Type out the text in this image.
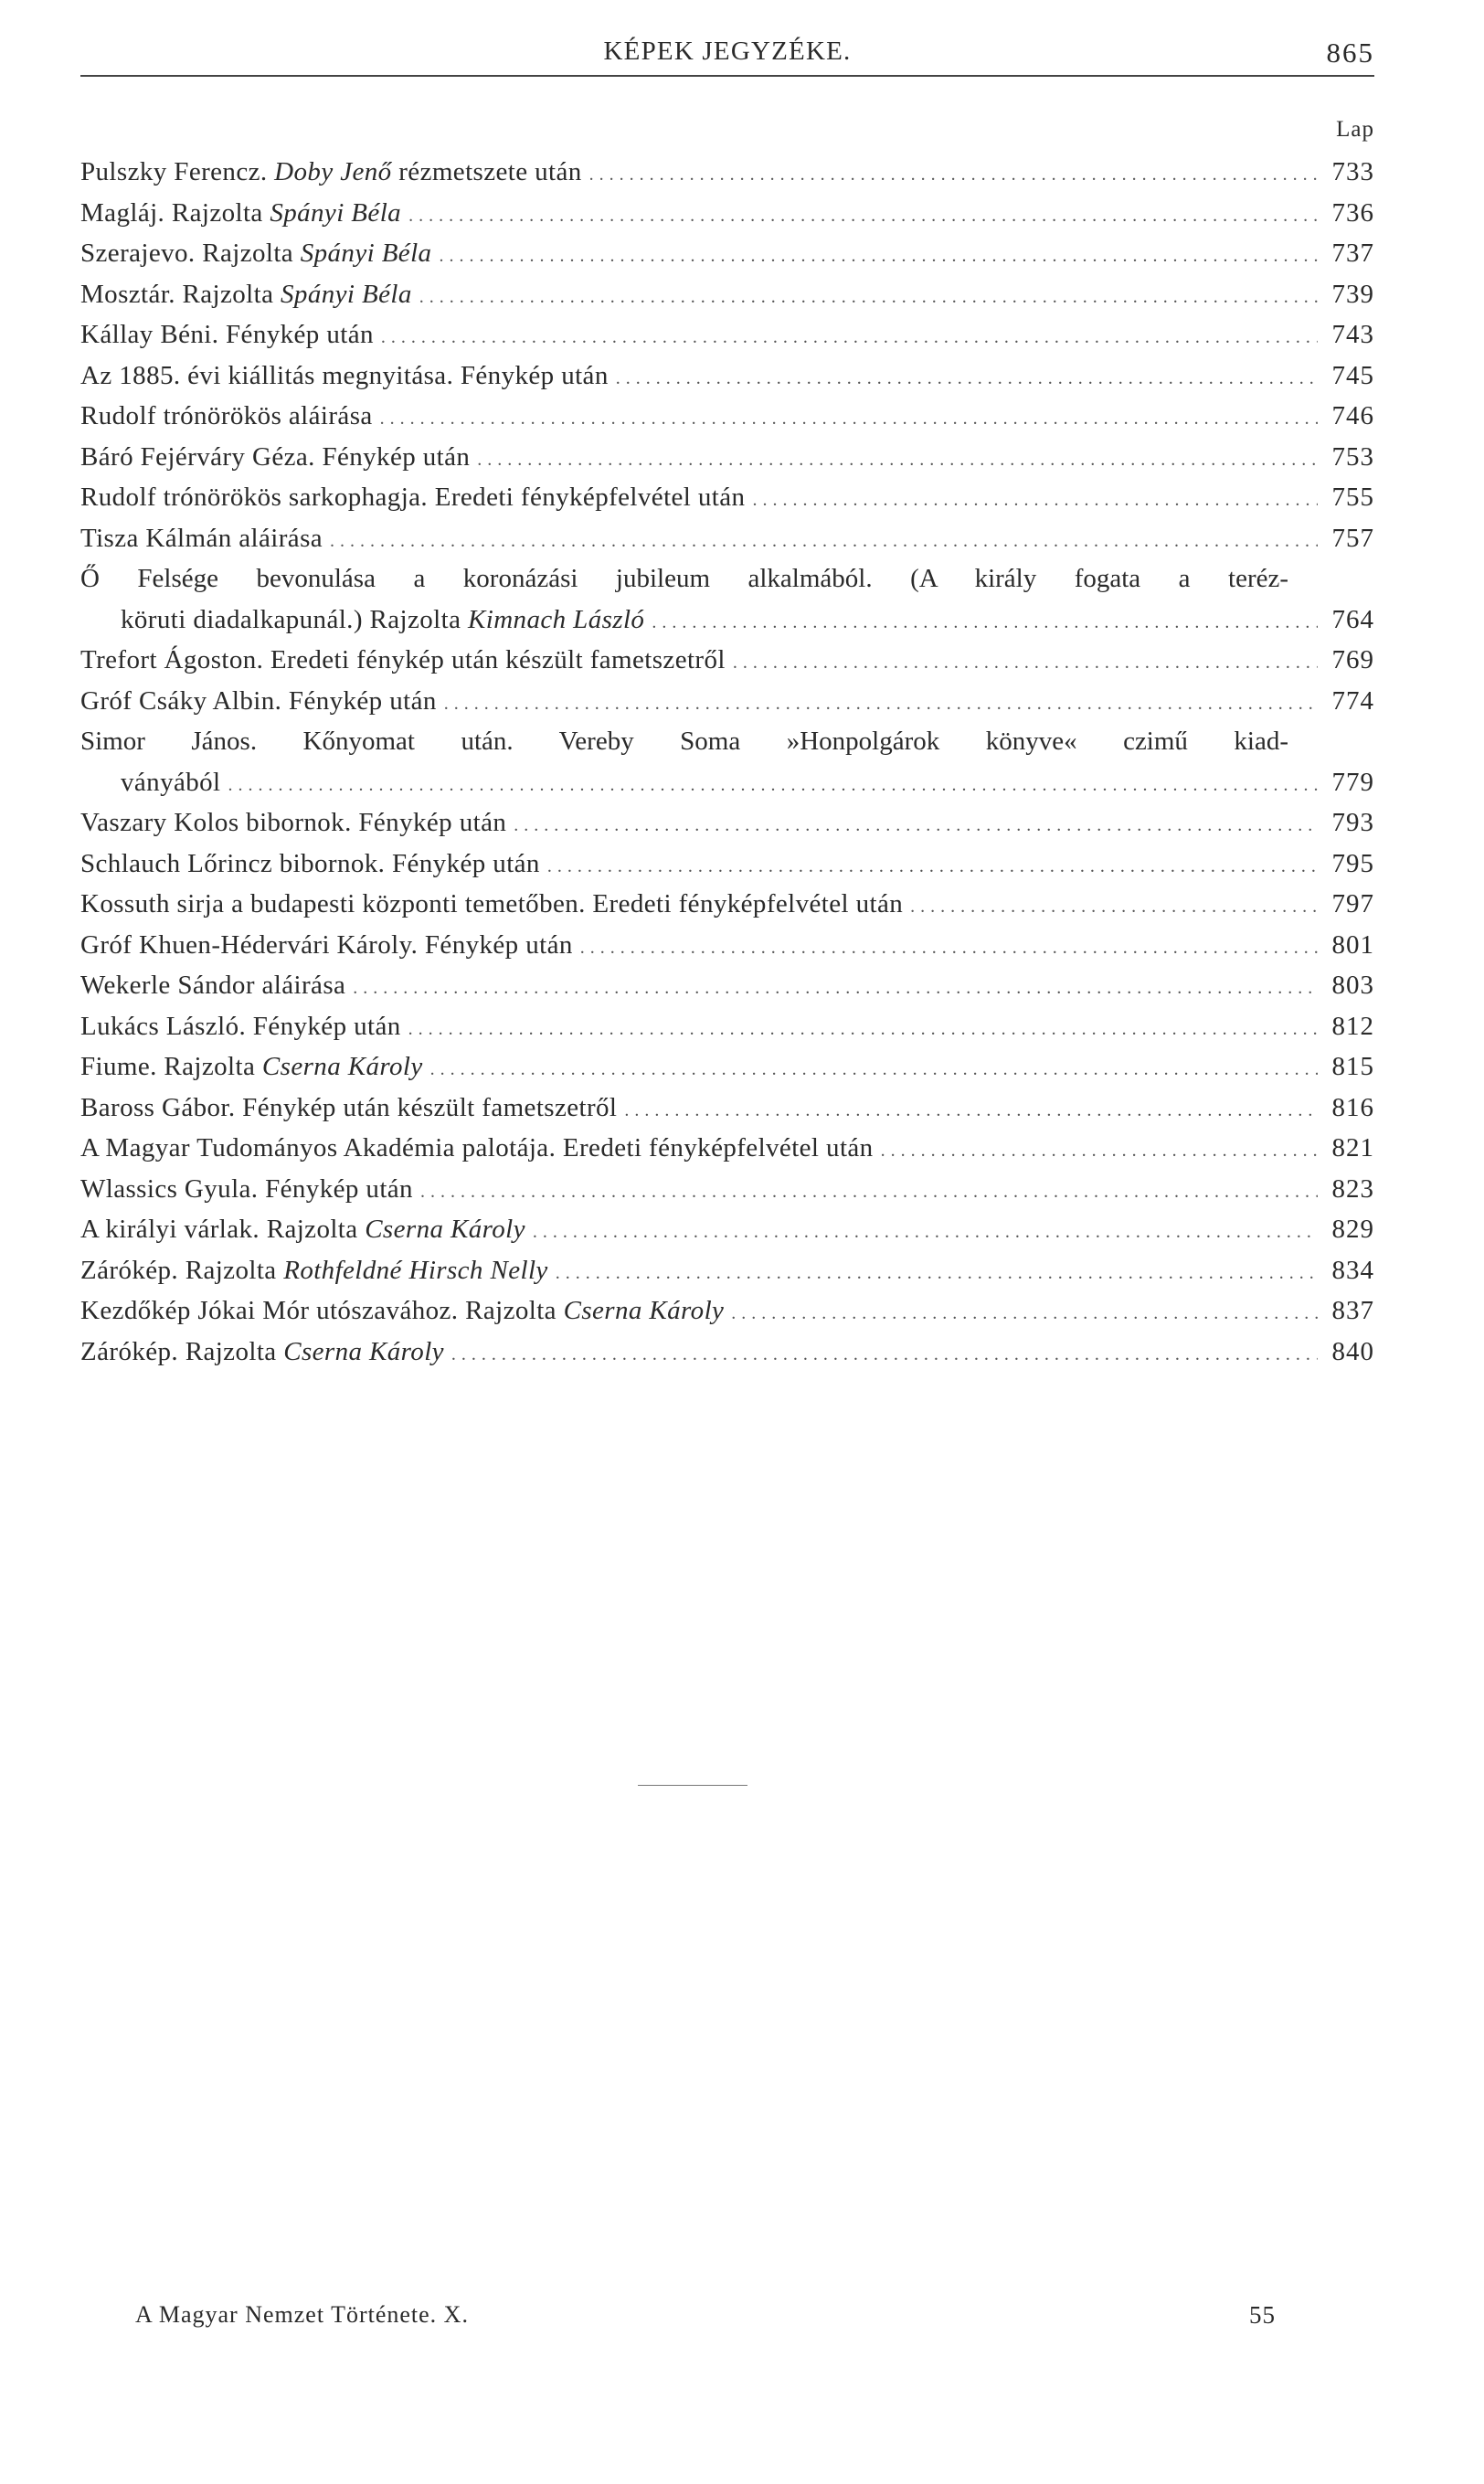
KÉPEK JEGYZÉKE.	865
Lap
Pulszky Ferencz. Doby Jenő rézmetszete után .....	733
Magláj. Rajzolta Spányi Béla .....	736
Szerajevo. Rajzolta Spányi Béla .....	737
Mosztár. Rajzolta Spányi Béla .....	739
Kállay Béni. Fénykép után .....	743
Az 1885. évi kiállitás megnyitása. Fénykép után .....	745
Rudolf trónörökös aláirása .....	746
Báró Fejérváry Géza. Fénykép után .....	753
Rudolf trónörökös sarkophagja. Eredeti fényképfelvétel után .....	755
Tisza Kálmán aláirása .....	757
Ő Felsége bevonulása a koronázási jubileum alkalmából. (A király fogata a teréz-
köruti diadalkapunál.) Rajzolta Kimnach László .....	764
Trefort Ágoston. Eredeti fénykép után készült fametszetről .....	769
Gróf Csáky Albin. Fénykép után .....	774
Simor János. Kőnyomat után. Vereby Soma »Honpolgárok könyve« czimű kiad-
ványából .....	779
Vaszary Kolos bibornok. Fénykép után .....	793
Schlauch Lőrincz bibornok. Fénykép után .....	795
Kossuth sirja a budapesti központi temetőben. Eredeti fényképfelvétel után .....	797
Gróf Khuen-Hédervári Károly. Fénykép után .....	801
Wekerle Sándor aláirása .....	803
Lukács László. Fénykép után .....	812
Fiume. Rajzolta Cserna Károly .....	815
Baross Gábor. Fénykép után készült fametszetről .....	816
A Magyar Tudományos Akadémia palotája. Eredeti fényképfelvétel után .....	821
Wlassics Gyula. Fénykép után .....	823
A királyi várlak. Rajzolta Cserna Károly .....	829
Zárókép. Rajzolta Rothfeldné Hirsch Nelly .....	834
Kezdőkép Jókai Mór utószavához. Rajzolta Cserna Károly .....	837
Zárókép. Rajzolta Cserna Károly .....	840
A Magyar Nemzet Története. X.	55
